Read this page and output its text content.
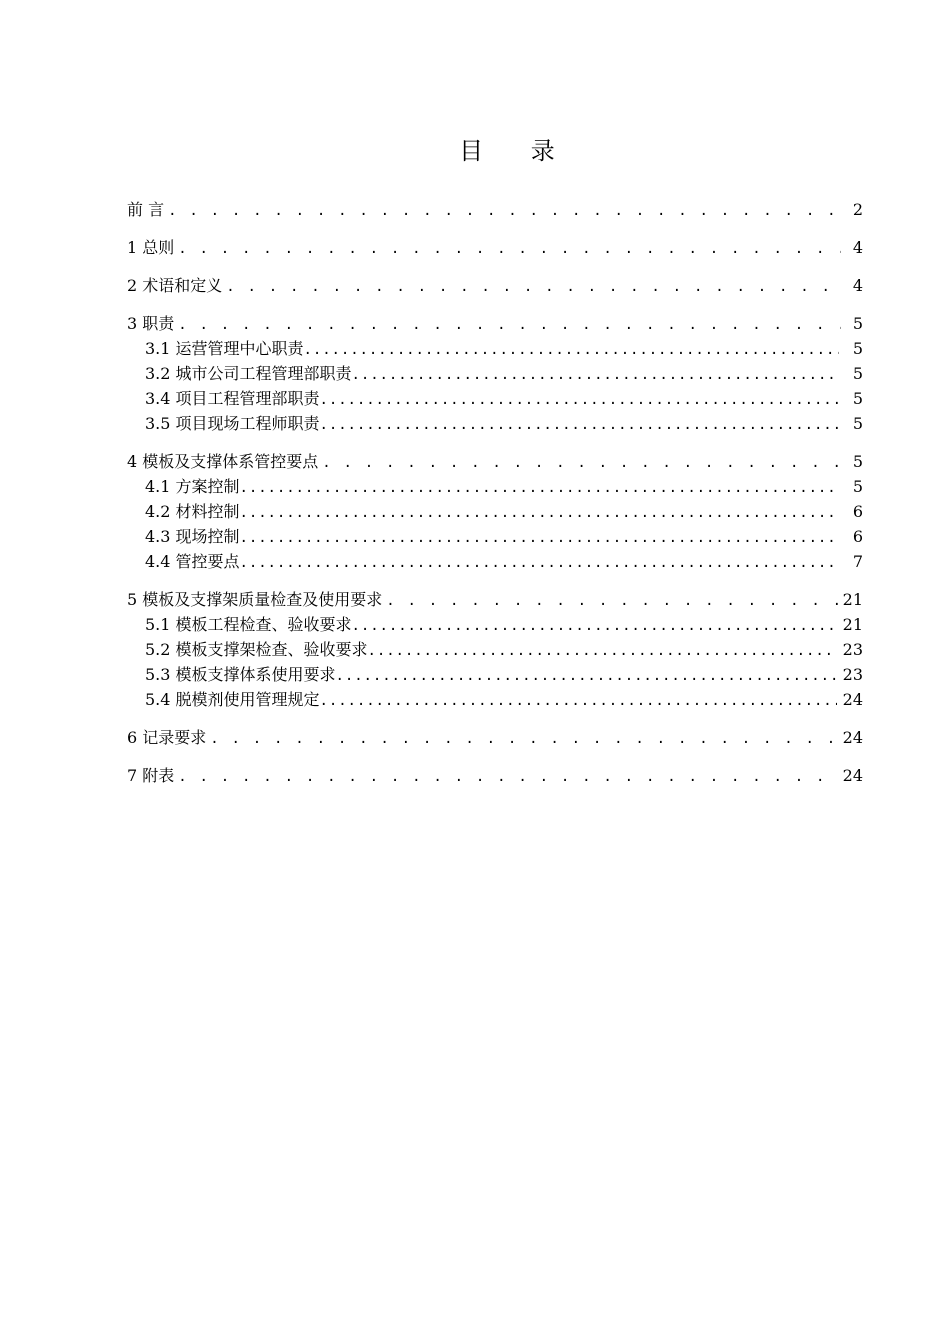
目 录
前 言 . . .	2
1 总则 . . .	4
2 术语和定义 . . .	4
3 职责 . . .	5
3.1 运营管理中心职责 .....	5
3.2 城市公司工程管理部职责 .....	5
3.4 项目工程管理部职责 .....	5
3.5 项目现场工程师职责 .....	5
4 模板及支撑体系管控要点 . . .	5
4.1 方案控制 .....	5
4.2 材料控制 .....	6
4.3 现场控制 .....	6
4.4 管控要点 .....	7
5 模板及支撑架质量检查及使用要求 . . .	21
5.1 模板工程检查、验收要求 .....	21
5.2 模板支撑架检查、验收要求 .....	23
5.3 模板支撑体系使用要求 .....	23
5.4 脱模剂使用管理规定 .....	24
6 记录要求 . . .	24
7 附表 . . .	24
